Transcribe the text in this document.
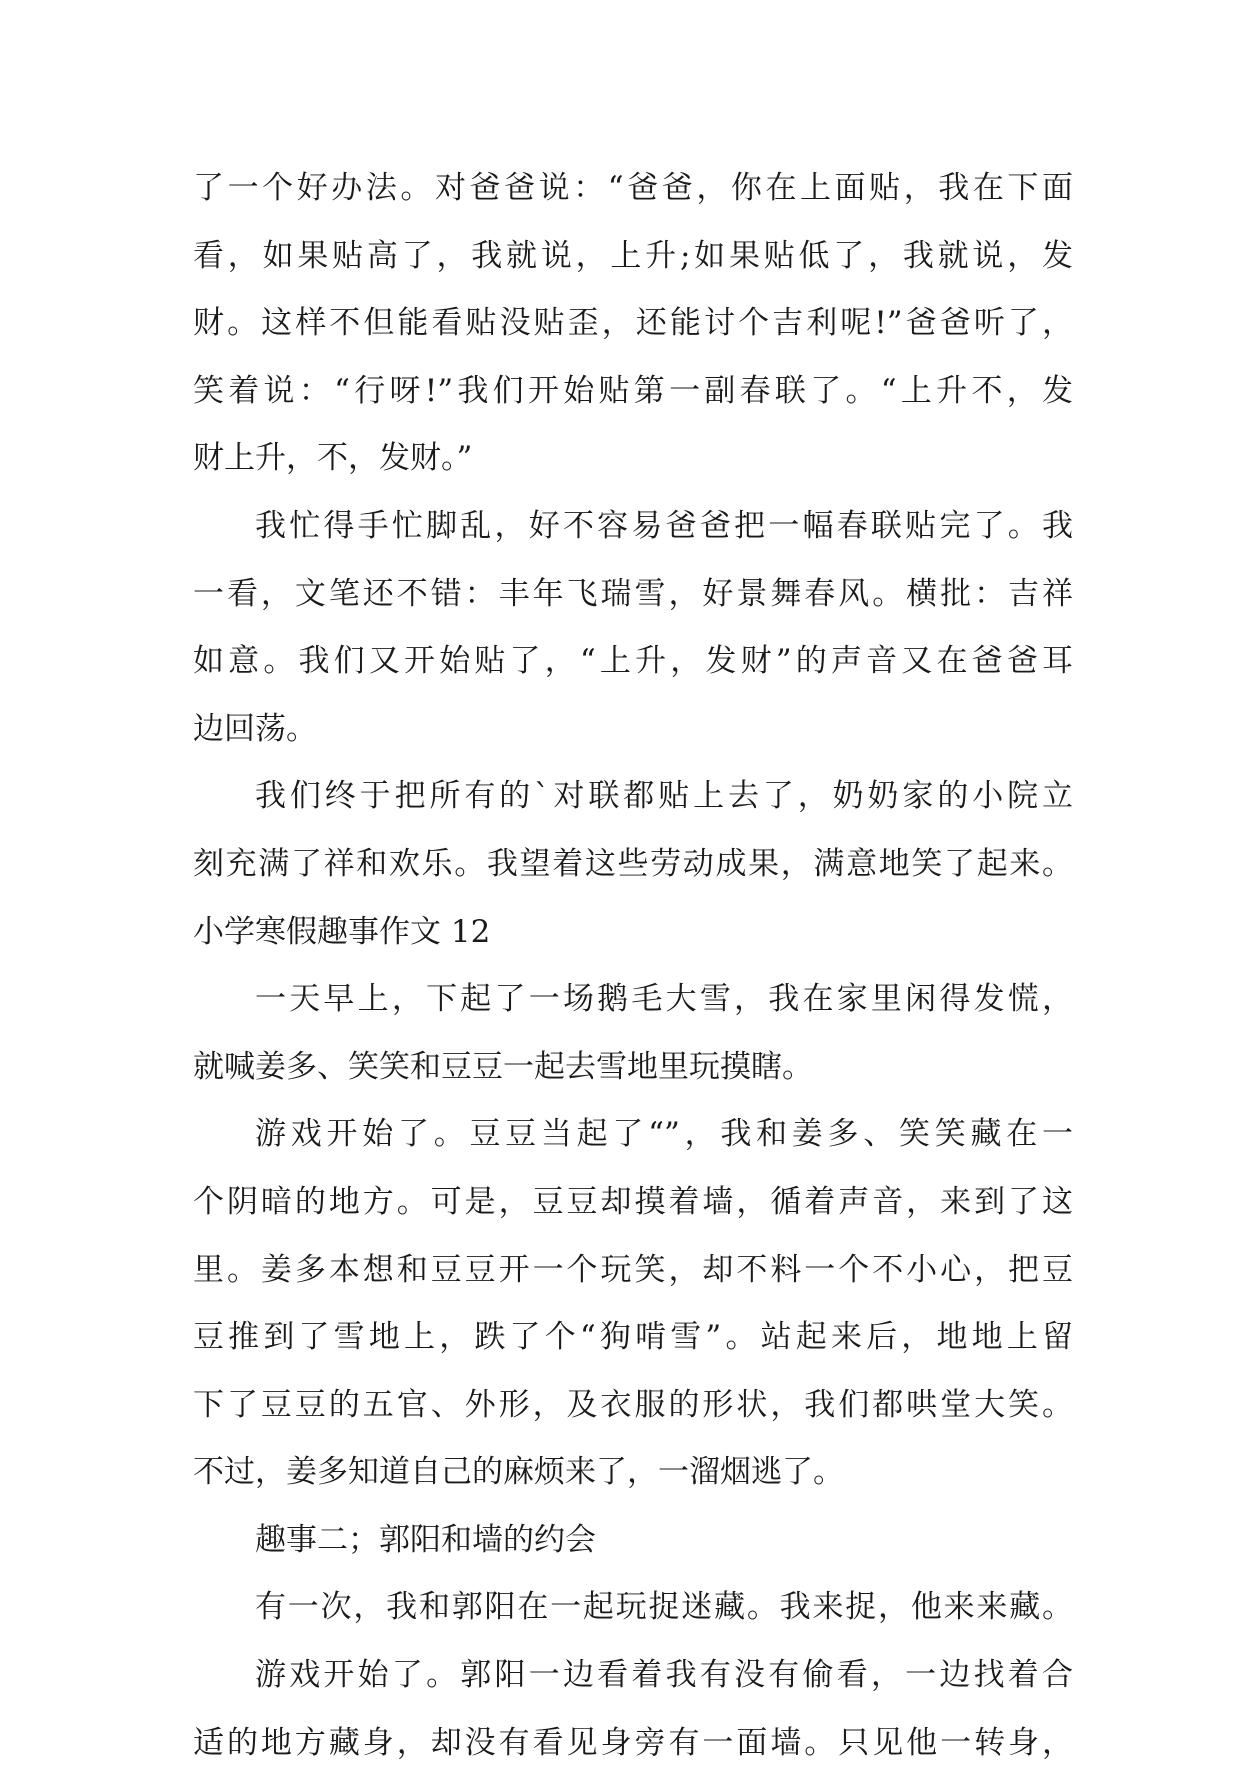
了一个好办法。对爸爸说：“爸爸，你在上面贴，我在下面
看，如果贴高了，我就说，上升;如果贴低了，我就说，发
财。这样不但能看贴没贴歪，还能讨个吉利呢!”爸爸听了，
笑着说：“行呀!”我们开始贴第一副春联了。“上升不，发
财上升，不，发财。”
我忙得手忙脚乱，好不容易爸爸把一幅春联贴完了。我
一看，文笔还不错：丰年飞瑞雪，好景舞春风。横批：吉祥
如意。我们又开始贴了，“上升，发财”的声音又在爸爸耳
边回荡。
我们终于把所有的`对联都贴上去了，奶奶家的小院立
刻充满了祥和欢乐。我望着这些劳动成果，满意地笑了起来。
小学寒假趣事作文 12
一天早上，下起了一场鹅毛大雪，我在家里闲得发慌，
就喊姜多、笑笑和豆豆一起去雪地里玩摸瞎。
游戏开始了。豆豆当起了“”，我和姜多、笑笑藏在一
个阴暗的地方。可是，豆豆却摸着墙，循着声音，来到了这
里。姜多本想和豆豆开一个玩笑，却不料一个不小心，把豆
豆推到了雪地上，跌了个“狗啃雪”。站起来后，地地上留
下了豆豆的五官、外形，及衣服的形状，我们都哄堂大笑。
不过，姜多知道自己的麻烦来了，一溜烟逃了。
趣事二；郭阳和墙的约会
有一次，我和郭阳在一起玩捉迷藏。我来捉，他来来藏。
游戏开始了。郭阳一边看着我有没有偷看，一边找着合
适的地方藏身，却没有看见身旁有一面墙。只见他一转身，
